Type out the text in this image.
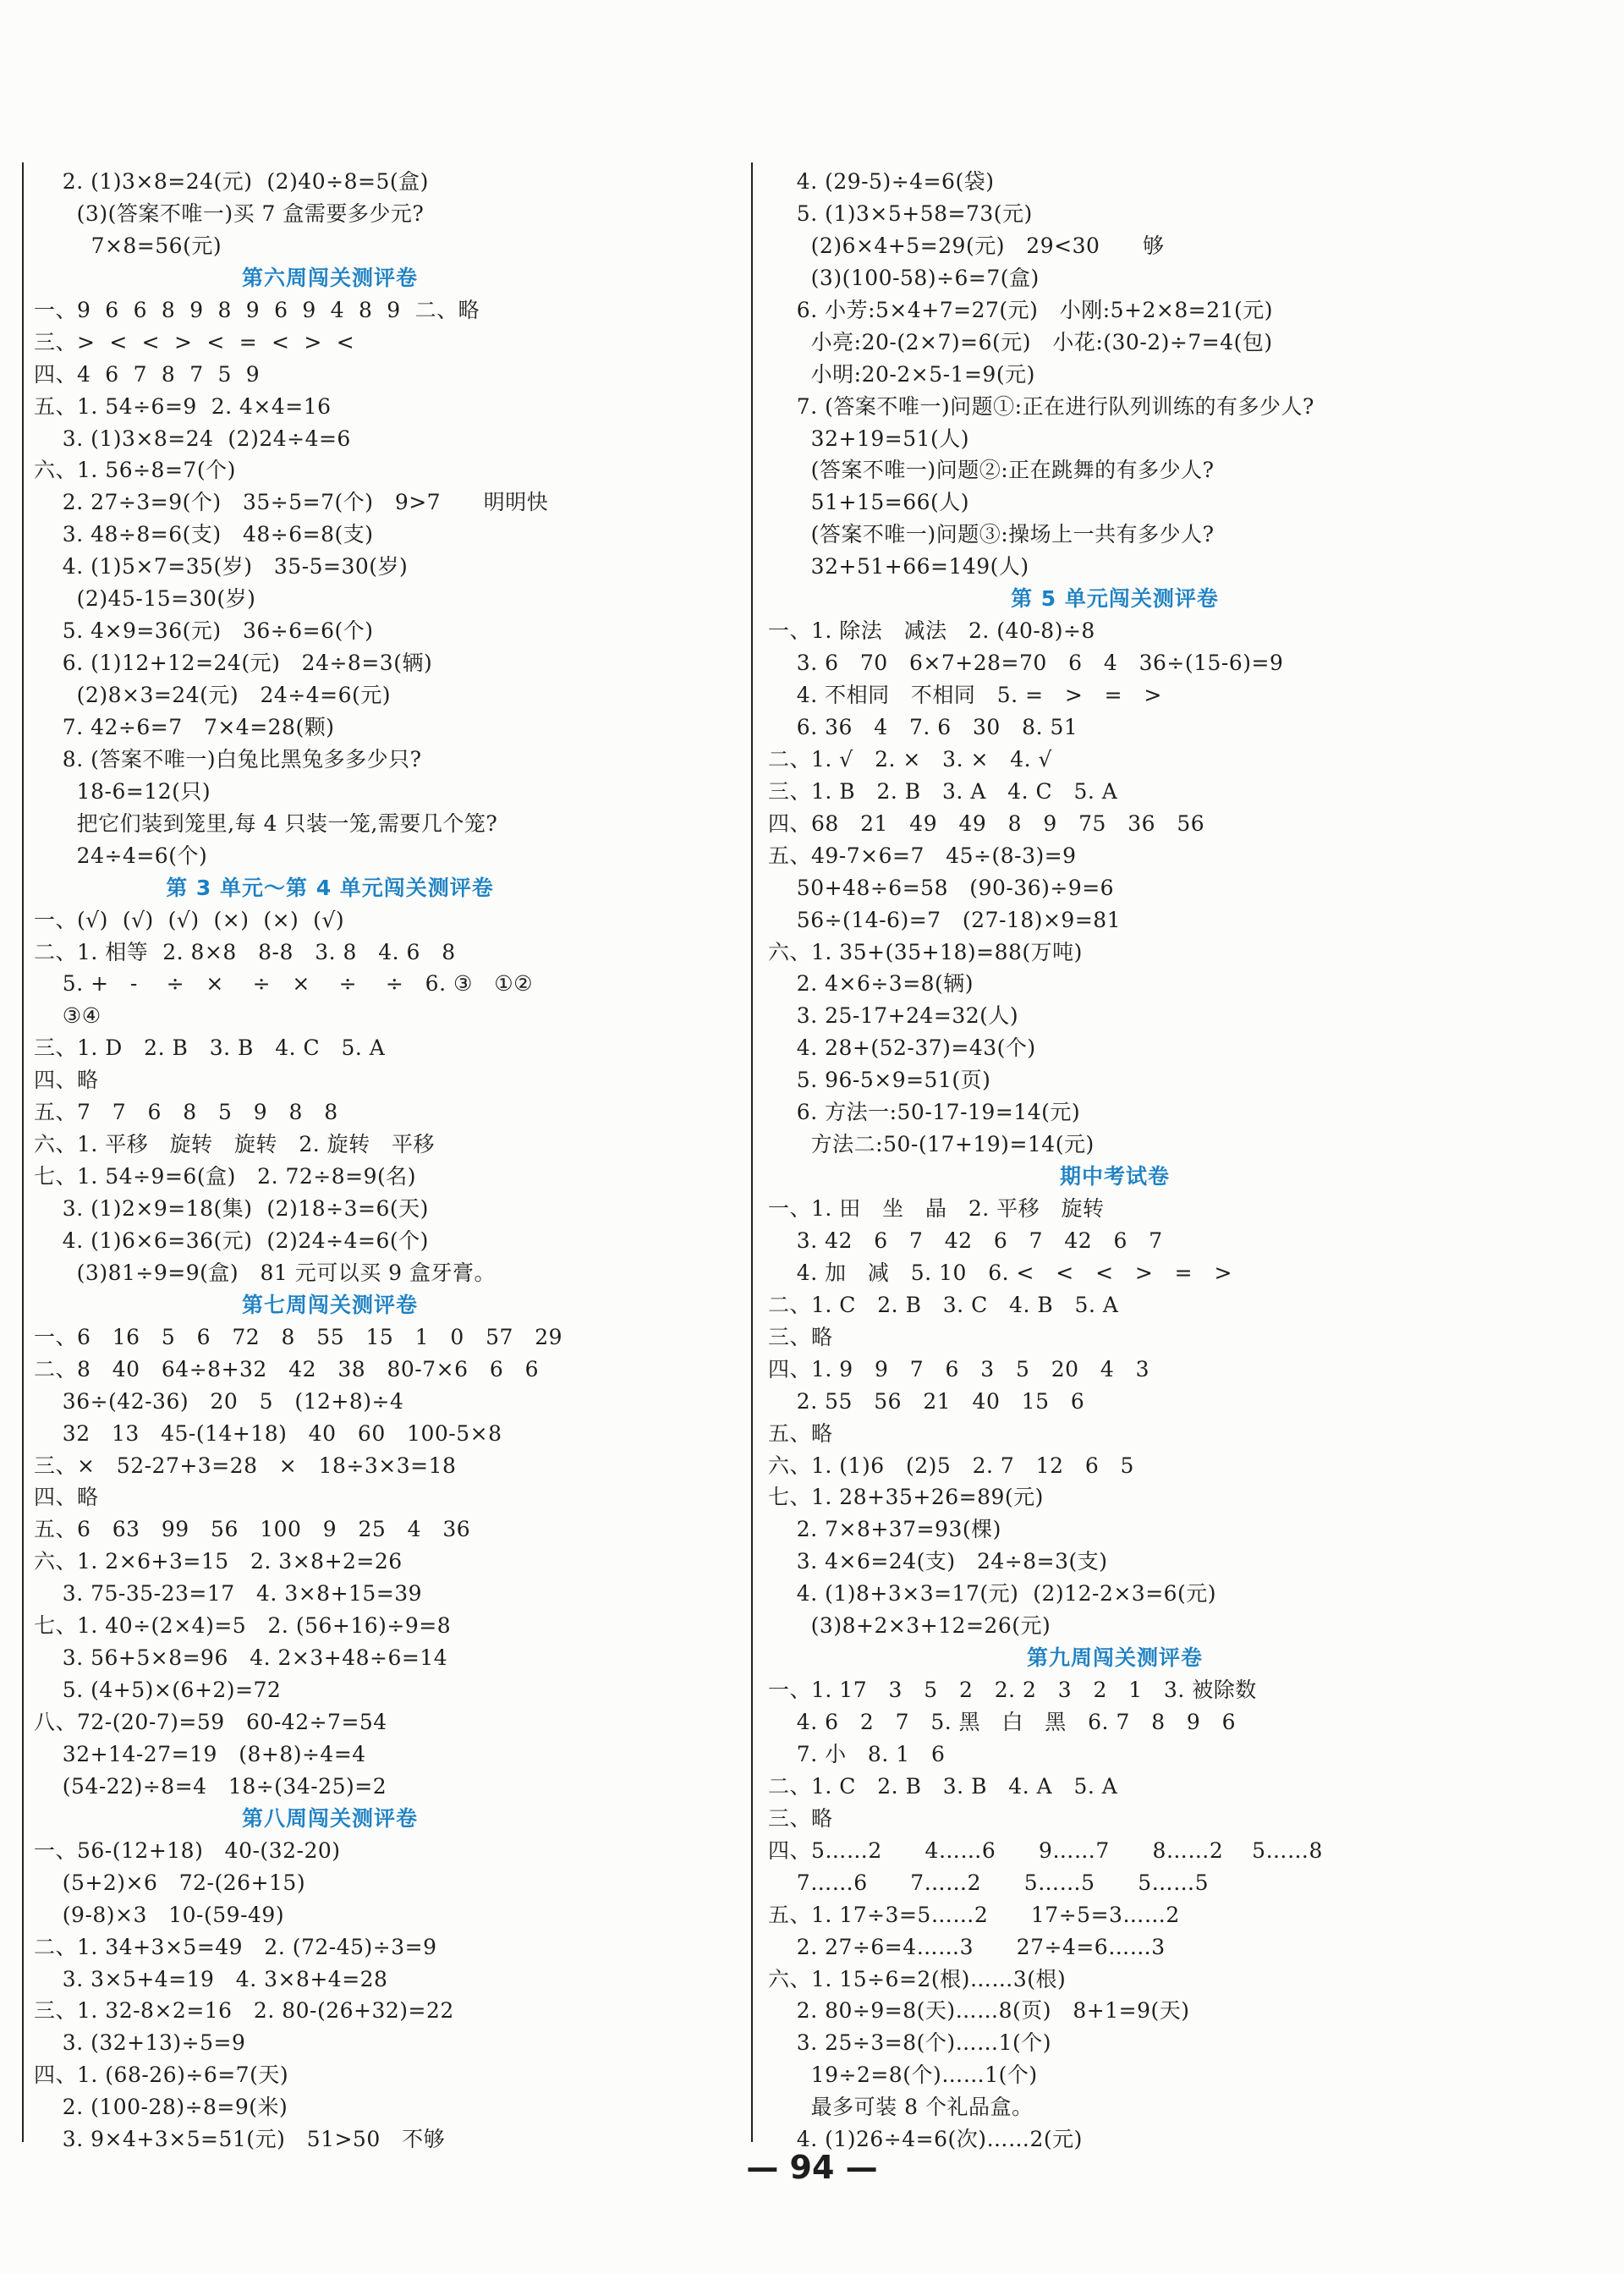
2. (1)3×8=24(元)  (2)40÷8=5(盒)
(3)(答案不唯一)买 7 盒需要多少元?
7×8=56(元)
第六周闯关测评卷
一、9  6  6  8  9  8  9  6  9  4  8  9  二、略
三、>  <  <  >  <  =  <  >  <
四、4  6  7  8  7  5  9
五、1. 54÷6=9  2. 4×4=16
3. (1)3×8=24  (2)24÷4=6
六、1. 56÷8=7(个)
2. 27÷3=9(个)   35÷5=7(个)   9>7      明明快
3. 48÷8=6(支)   48÷6=8(支)
4. (1)5×7=35(岁)   35-5=30(岁)
(2)45-15=30(岁)
5. 4×9=36(元)   36÷6=6(个)
6. (1)12+12=24(元)   24÷8=3(辆)
(2)8×3=24(元)   24÷4=6(元)
7. 42÷6=7   7×4=28(颗)
8. (答案不唯一)白兔比黑兔多多少只?
18-6=12(只)
把它们装到笼里,每 4 只装一笼,需要几个笼?
24÷4=6(个)
第 3 单元～第 4 单元闯关测评卷
一、(√)  (√)  (√)  (×)  (×)  (√)
二、1. 相等  2. 8×8   8-8   3. 8   4. 6   8
5. +   -    ÷   ×    ÷   ×    ÷    ÷   6. ③   ①②
③④
三、1. D   2. B   3. B   4. C   5. A
四、略
五、7   7   6   8   5   9   8   8
六、1. 平移   旋转   旋转   2. 旋转   平移
七、1. 54÷9=6(盒)   2. 72÷8=9(名)
3. (1)2×9=18(集)  (2)18÷3=6(天)
4. (1)6×6=36(元)  (2)24÷4=6(个)
(3)81÷9=9(盒)   81 元可以买 9 盒牙膏。
第七周闯关测评卷
一、6   16   5   6   72   8   55   15   1   0   57   29
二、8   40   64÷8+32   42   38   80-7×6   6   6
36÷(42-36)   20   5   (12+8)÷4
32   13   45-(14+18)   40   60   100-5×8
三、×   52-27+3=28   ×   18÷3×3=18
四、略
五、6   63   99   56   100   9   25   4   36
六、1. 2×6+3=15   2. 3×8+2=26
3. 75-35-23=17   4. 3×8+15=39
七、1. 40÷(2×4)=5   2. (56+16)÷9=8
3. 56+5×8=96   4. 2×3+48÷6=14
5. (4+5)×(6+2)=72
八、72-(20-7)=59   60-42÷7=54
32+14-27=19   (8+8)÷4=4
(54-22)÷8=4   18÷(34-25)=2
第八周闯关测评卷
一、56-(12+18)   40-(32-20)
(5+2)×6   72-(26+15)
(9-8)×3   10-(59-49)
二、1. 34+3×5=49   2. (72-45)÷3=9
3. 3×5+4=19   4. 3×8+4=28
三、1. 32-8×2=16   2. 80-(26+32)=22
3. (32+13)÷5=9
四、1. (68-26)÷6=7(天)
2. (100-28)÷8=9(米)
3. 9×4+3×5=51(元)   51>50   不够
4. (29-5)÷4=6(袋)
5. (1)3×5+58=73(元)
(2)6×4+5=29(元)   29<30      够
(3)(100-58)÷6=7(盒)
6. 小芳:5×4+7=27(元)   小刚:5+2×8=21(元)
小亮:20-(2×7)=6(元)   小花:(30-2)÷7=4(包)
小明:20-2×5-1=9(元)
7. (答案不唯一)问题①:正在进行队列训练的有多少人?
32+19=51(人)
(答案不唯一)问题②:正在跳舞的有多少人?
51+15=66(人)
(答案不唯一)问题③:操场上一共有多少人?
32+51+66=149(人)
第 5 单元闯关测评卷
一、1. 除法   减法   2. (40-8)÷8
3. 6   70   6×7+28=70   6   4   36÷(15-6)=9
4. 不相同   不相同   5. =   >   =   >
6. 36   4   7. 6   30   8. 51
二、1. √   2. ×   3. ×   4. √
三、1. B   2. B   3. A   4. C   5. A
四、68   21   49   49   8   9   75   36   56
五、49-7×6=7   45÷(8-3)=9
50+48÷6=58   (90-36)÷9=6
56÷(14-6)=7   (27-18)×9=81
六、1. 35+(35+18)=88(万吨)
2. 4×6÷3=8(辆)
3. 25-17+24=32(人)
4. 28+(52-37)=43(个)
5. 96-5×9=51(页)
6. 方法一:50-17-19=14(元)
方法二:50-(17+19)=14(元)
期中考试卷
一、1. 田   坐   晶   2. 平移   旋转
3. 42   6   7   42   6   7   42   6   7
4. 加   减   5. 10   6. <   <   <   >   =   >
二、1. C   2. B   3. C   4. B   5. A
三、略
四、1. 9   9   7   6   3   5   20   4   3
2. 55   56   21   40   15   6
五、略
六、1. (1)6   (2)5   2. 7   12   6   5
七、1. 28+35+26=89(元)
2. 7×8+37=93(棵)
3. 4×6=24(支)   24÷8=3(支)
4. (1)8+3×3=17(元)  (2)12-2×3=6(元)
(3)8+2×3+12=26(元)
第九周闯关测评卷
一、1. 17   3   5   2   2. 2   3   2   1   3. 被除数
4. 6   2   7   5. 黑   白   黑   6. 7   8   9   6
7. 小   8. 1   6
二、1. C   2. B   3. B   4. A   5. A
三、略
四、5……2      4……6      9……7      8……2    5……8
7……6      7……2      5……5      5……5
五、1. 17÷3=5……2      17÷5=3……2
2. 27÷6=4……3      27÷4=6……3
六、1. 15÷6=2(根)……3(根)
2. 80÷9=8(天)……8(页)   8+1=9(天)
3. 25÷3=8(个)……1(个)
19÷2=8(个)……1(个)
最多可装 8 个礼品盒。
4. (1)26÷4=6(次)……2(元)
— 94 —
